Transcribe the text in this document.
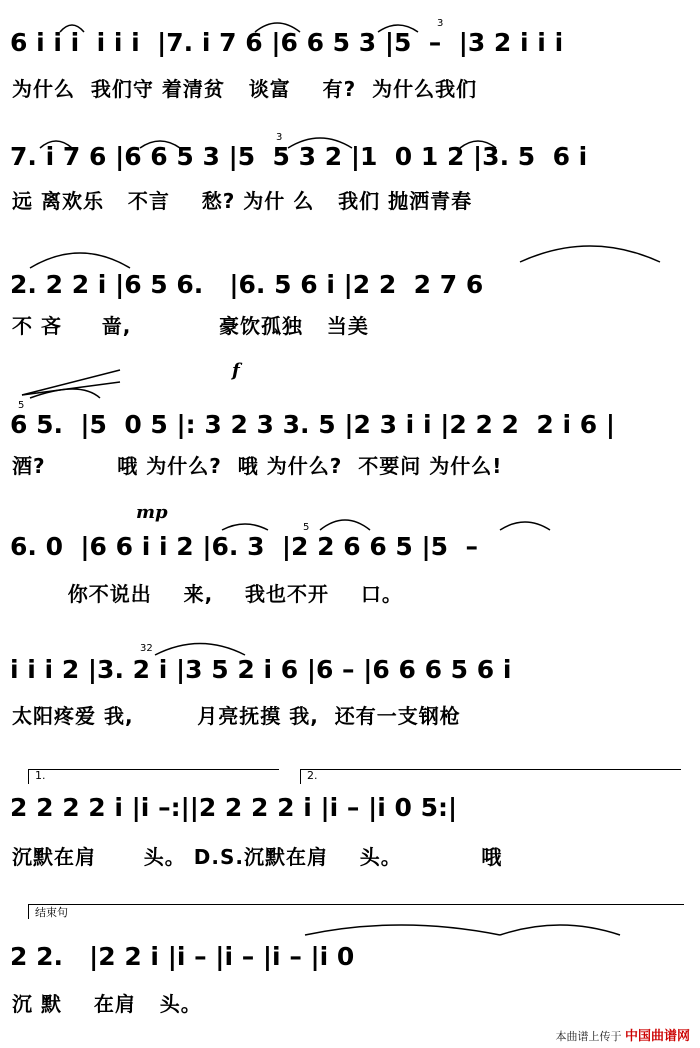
6 i i i  i i i  |7. i 7 6 |6 6 5 3 |5  –  |3 2 i i i
3
为什么  我们守 着清贫   谈富    有?  为什么我们
7. i 7 6 |6 6 5 3 |5  5 3 2 |1  0 1 2 |3. 5  6 i
3
远 离欢乐   不言    愁? 为什 么   我们 抛洒青春
2. 2 2 i |6 5 6.   |6. 5 6 i |2 2  2 7 6
不 吝     啬,           豪饮孤独   当美
f
5
6 5.  |5  0 5 |: 3 2 3 3. 5 |2 3 i i |2 2 2  2 i 6 |
酒?         哦 为什么?  哦 为什么?  不要问 为什么!
mp
5
6. 0  |6 6 i i 2 |6. 3  |2 2 6 6 5 |5  –
你不说出    来,    我也不开    口。
32
i i i 2 |3. 2 i |3 5 2 i 6 |6 – |6 6 6 5 6 i
太阳疼爱 我,        月亮抚摸 我,  还有一支钢枪
1.	2.
2 2 2 2 i |i –:||2 2 2 2 i |i – |i 0 5:|
沉默在肩      头。 D.S.沉默在肩    头。          哦
结束句
2 2.   |2 2 i |i – |i – |i – |i 0
沉 默    在肩   头。
本曲谱上传于 中国曲谱网
